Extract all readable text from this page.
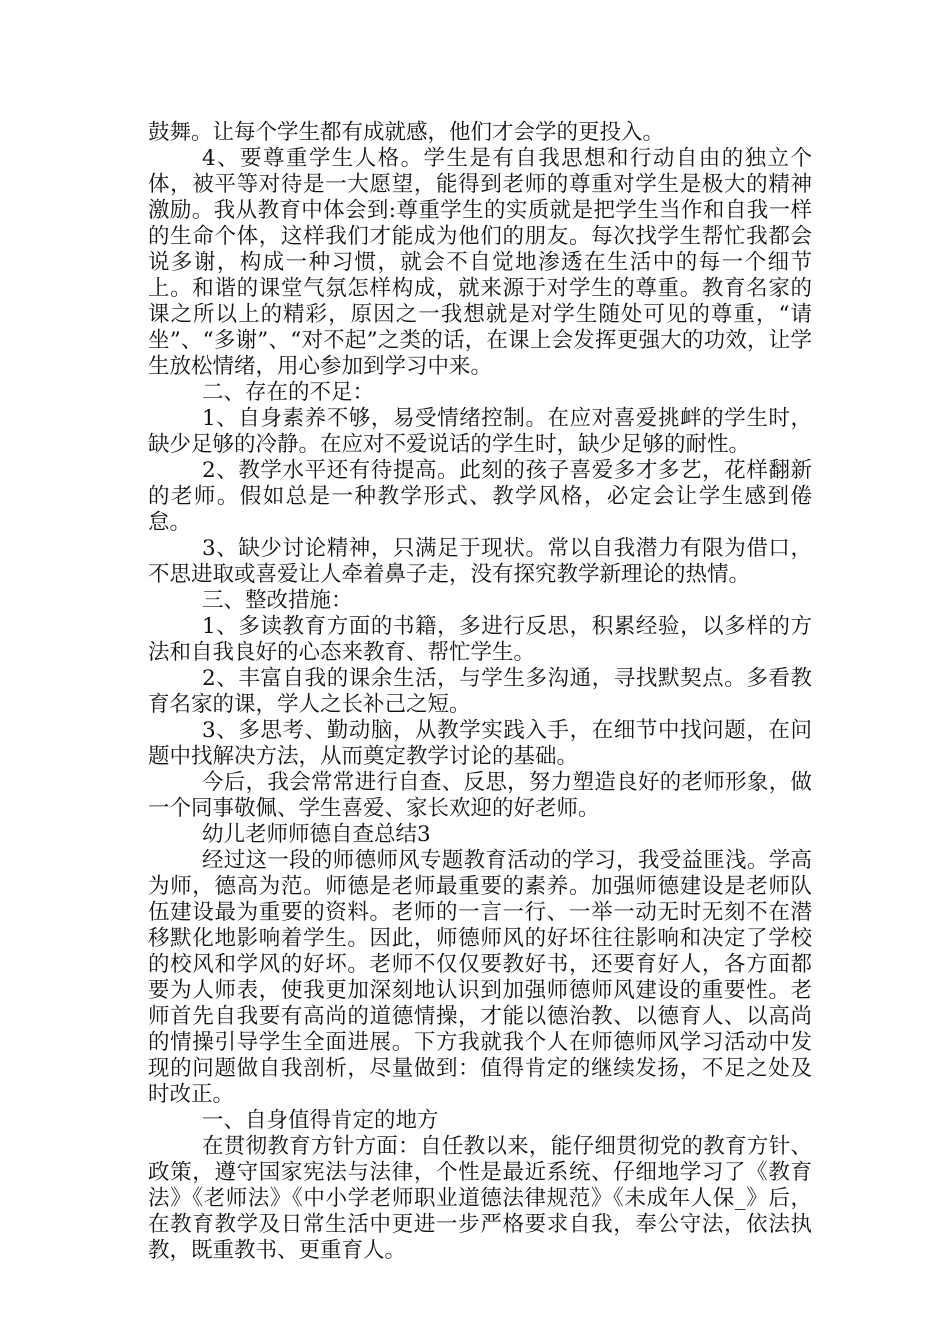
鼓舞。让每个学生都有成就感，他们才会学的更投入。

4、要尊重学生人格。学生是有自我思想和行动自由的独立个体，被平等对待是一大愿望，能得到老师的尊重对学生是极大的精神激励。我从教育中体会到:尊重学生的实质就是把学生当作和自我一样的生命个体，这样我们才能成为他们的朋友。每次找学生帮忙我都会说多谢，构成一种习惯，就会不自觉地渗透在生活中的每一个细节上。和谐的课堂气氛怎样构成，就来源于对学生的尊重。教育名家的课之所以上的精彩，原因之一我想就是对学生随处可见的尊重，“请坐”、“多谢”、“对不起”之类的话，在课上会发挥更强大的功效，让学生放松情绪，用心参加到学习中来。

二、存在的不足：

1、自身素养不够，易受情绪控制。在应对喜爱挑衅的学生时，缺少足够的冷静。在应对不爱说话的学生时，缺少足够的耐性。

2、教学水平还有待提高。此刻的孩子喜爱多才多艺，花样翻新的老师。假如总是一种教学形式、教学风格，必定会让学生感到倦怠。

3、缺少讨论精神，只满足于现状。常以自我潜力有限为借口，不思进取或喜爱让人牵着鼻子走，没有探究教学新理论的热情。

三、整改措施：

1、多读教育方面的书籍，多进行反思，积累经验，以多样的方法和自我良好的心态来教育、帮忙学生。

2、丰富自我的课余生活，与学生多沟通，寻找默契点。多看教育名家的课，学人之长补己之短。

3、多思考、勤动脑，从教学实践入手，在细节中找问题，在问题中找解决方法，从而奠定教学讨论的基础。

今后，我会常常进行自查、反思，努力塑造良好的老师形象，做一个同事敬佩、学生喜爱、家长欢迎的好老师。

幼儿老师师德自查总结3

经过这一段的师德师风专题教育活动的学习，我受益匪浅。学高为师，德高为范。师德是老师最重要的素养。加强师德建设是老师队伍建设最为重要的资料。老师的一言一行、一举一动无时无刻不在潜移默化地影响着学生。因此，师德师风的好坏往往影响和决定了学校的校风和学风的好坏。老师不仅仅要教好书，还要育好人，各方面都要为人师表，使我更加深刻地认识到加强师德师风建设的重要性。老师首先自我要有高尚的道德情操，才能以德治教、以德育人、以高尚的情操引导学生全面进展。下方我就我个人在师德师风学习活动中发现的问题做自我剖析，尽量做到：值得肯定的继续发扬，不足之处及时改正。

一、自身值得肯定的地方

在贯彻教育方针方面：自任教以来，能仔细贯彻党的教育方针、政策，遵守国家宪法与法律，个性是最近系统、仔细地学习了《教育法》《老师法》《中小学老师职业道德法律规范》《未成年人保_》后，在教育教学及日常生活中更进一步严格要求自我，奉公守法，依法执教，既重教书、更重育人。
